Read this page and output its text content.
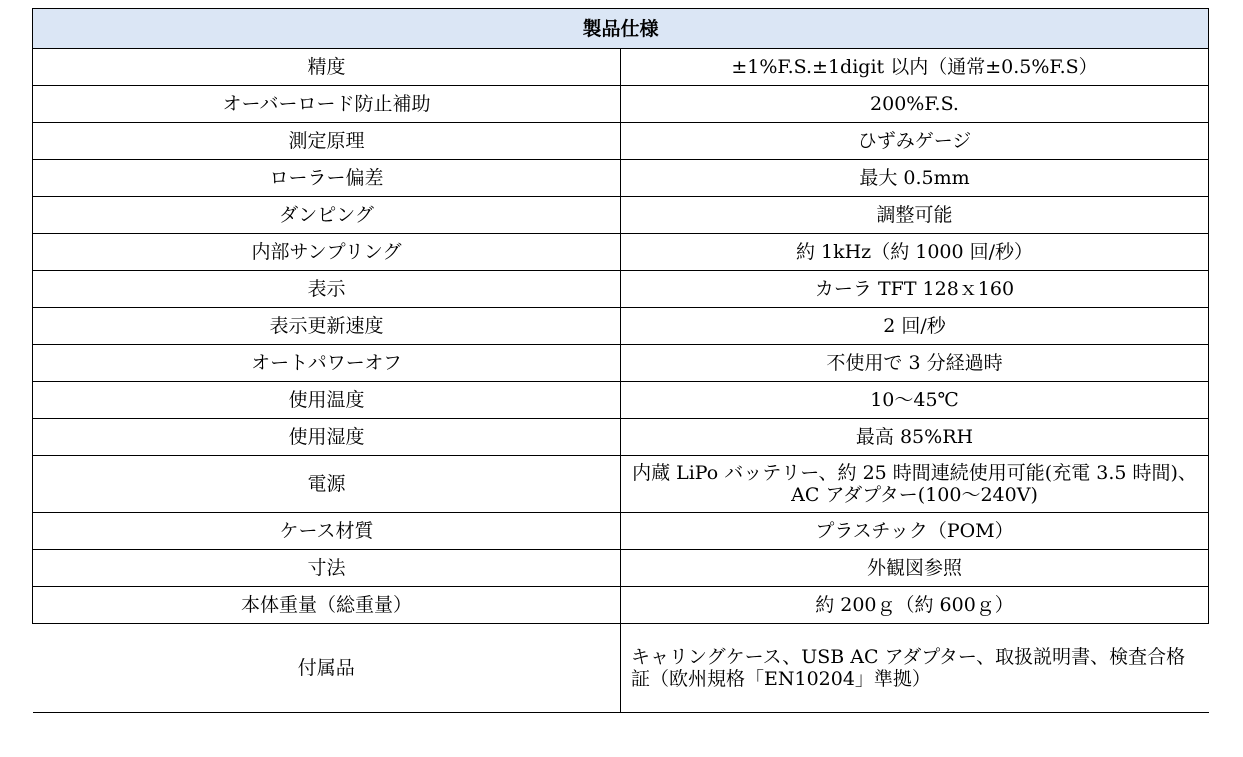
製品仕様	
精度	±1%F.S.±1digit 以内（通常±0.5%F.S）
オーバーロード防止補助	200%F.S.
測定原理	ひずみゲージ
ローラー偏差	最大 0.5mm
ダンピング	調整可能
内部サンプリング	約 1kHz（約 1000 回/秒）
表示	カーラ TFT 128ｘ160
表示更新速度	2 回/秒
オートパワーオフ	不使用で 3 分経過時
使用温度	10～45℃
使用湿度	最高 85%RH
電源	内蔵 LiPo バッテリー、約 25 時間連続使用可能(充電 3.5 時間)、
AC アダプター(100～240V)

ケース材質	プラスチック（POM）
寸法	外観図参照
本体重量（総重量）	約 200ｇ（約 600ｇ）
付属品	キャリングケース、USB AC アダプター、取扱説明書、検査合格証（欧州規格「EN10204」準拠）
